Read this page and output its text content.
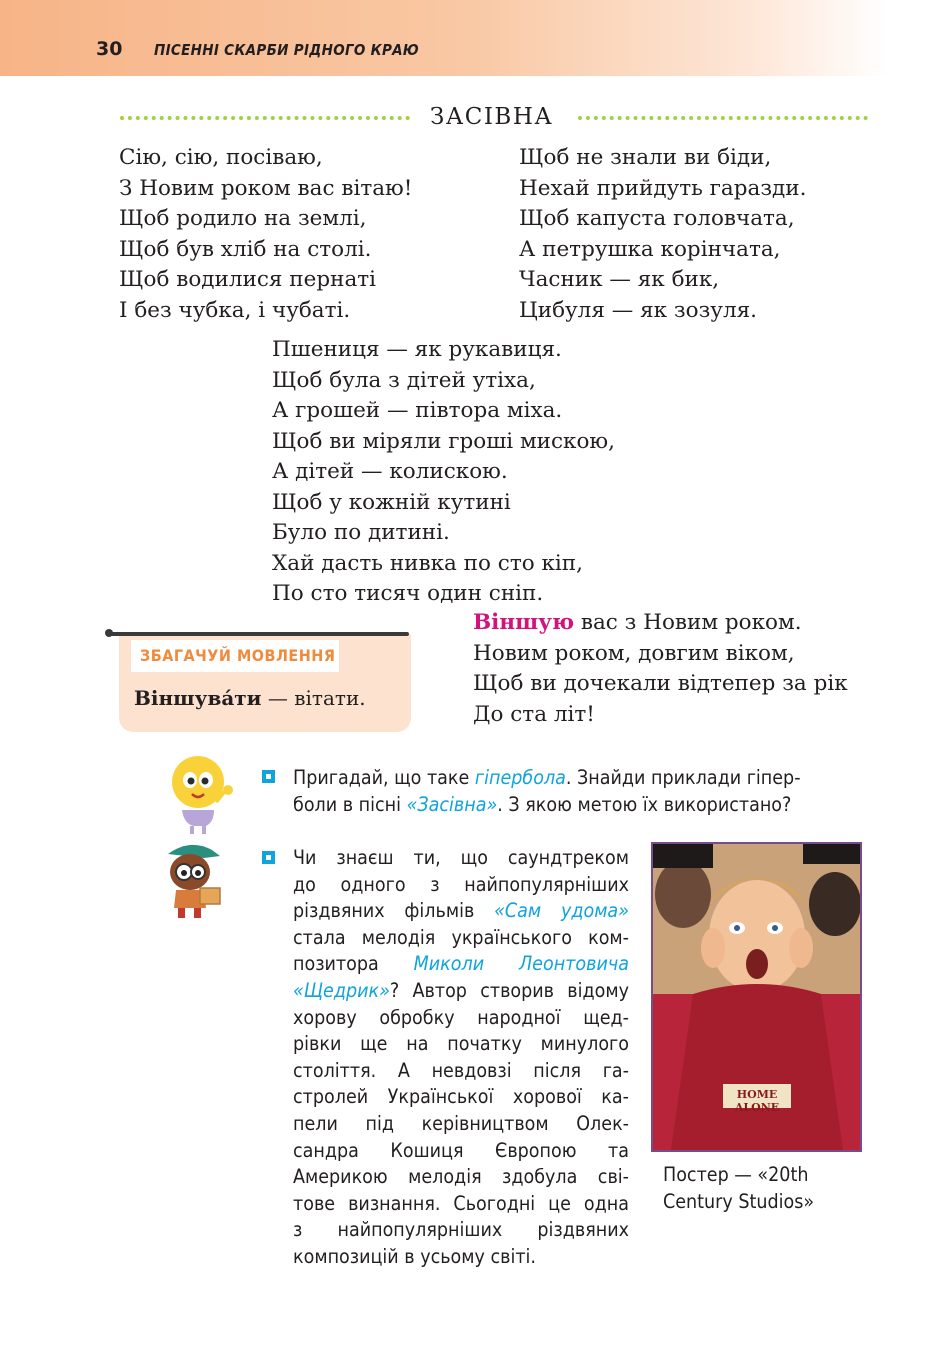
30 ПІСЕННІ СКАРБИ РІДНОГО КРАЮ
ЗАСІВНА
Сію, сію, посіваю,
З Новим роком вас вітаю!
Щоб родило на землі,
Щоб був хліб на столі.
Щоб водилися пернаті
І без чубка, і чубаті.
Щоб не знали ви біди,
Нехай прийдуть гаразди.
Щоб капуста головчата,
А петрушка корінчата,
Часник — як бик,
Цибуля — як зозуля.
Пшениця — як рукавиця.
Щоб була з дітей утіха,
А грошей — півтора міха.
Щоб ви міряли гроші мискою,
А дітей — колискою.
Щоб у кожній кутині
Було по дитині.
Хай дасть нивка по сто кіп,
По сто тисяч один сніп.
Віншую вас з Новим роком.
Новим роком, довгим віком,
Щоб ви дочекали відтепер за рік
До ста літ!
ЗБАГАЧУЙ МОВЛЕННЯ
Віншува́ти — вітати.
Пригадай, що таке гіпербола. Знайди приклади гіпер-
боли в пісні «Засівна». З якою метою їх використано?
Чи знаєш ти, що саундтреком
до одного з найпопулярніших
різдвяних фільмів «Сам удома»
стала мелодія українського ком-
позитора Миколи Леонтовича
«Щедрик»? Автор створив відому
хорову обробку народної щед-
рівки ще на початку минулого
століття. А невдовзі після га-
стролей Української хорової ка-
пели під керівництвом Олек-
сандра Кошиця Європою та
Америкою мелодія здобула сві-
тове визнання. Сьогодні це одна
з найпопулярніших різдвяних
композицій в усьому світі.
HOME ALONE
Постер — «20th
Century Studios»
